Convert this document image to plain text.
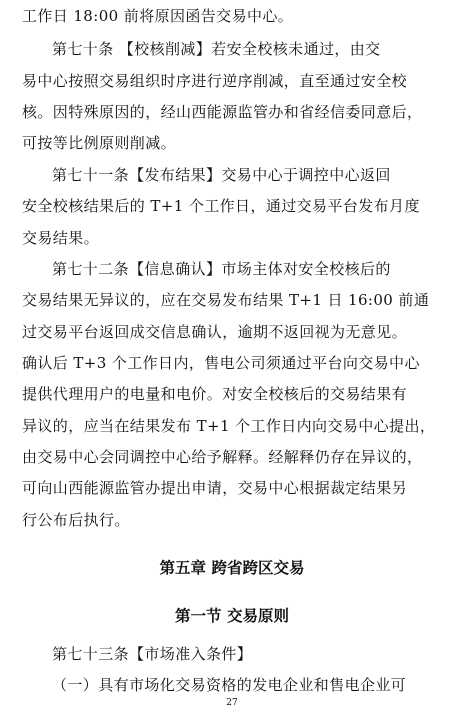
工作日 18:00 前将原因函告交易中心。
第七十条 【校核削减】若安全校核未通过，由交
易中心按照交易组织时序进行逆序削减，直至通过安全校
核。因特殊原因的，经山西能源监管办和省经信委同意后，
可按等比例原则削减。
第七十一条【发布结果】交易中心于调控中心返回
安全校核结果后的 T+1 个工作日，通过交易平台发布月度
交易结果。
第七十二条【信息确认】市场主体对安全校核后的
交易结果无异议的，应在交易发布结果 T+1 日 16:00 前通
过交易平台返回成交信息确认，逾期不返回视为无意见。
确认后 T+3 个工作日内，售电公司须通过平台向交易中心
提供代理用户的电量和电价。对安全校核后的交易结果有
异议的，应当在结果发布 T+1 个工作日内向交易中心提出，
由交易中心会同调控中心给予解释。经解释仍存在异议的，
可向山西能源监管办提出申请，交易中心根据裁定结果另
行公布后执行。
第五章 跨省跨区交易
第一节 交易原则
第七十三条【市场准入条件】
（一）具有市场化交易资格的发电企业和售电企业可
27
